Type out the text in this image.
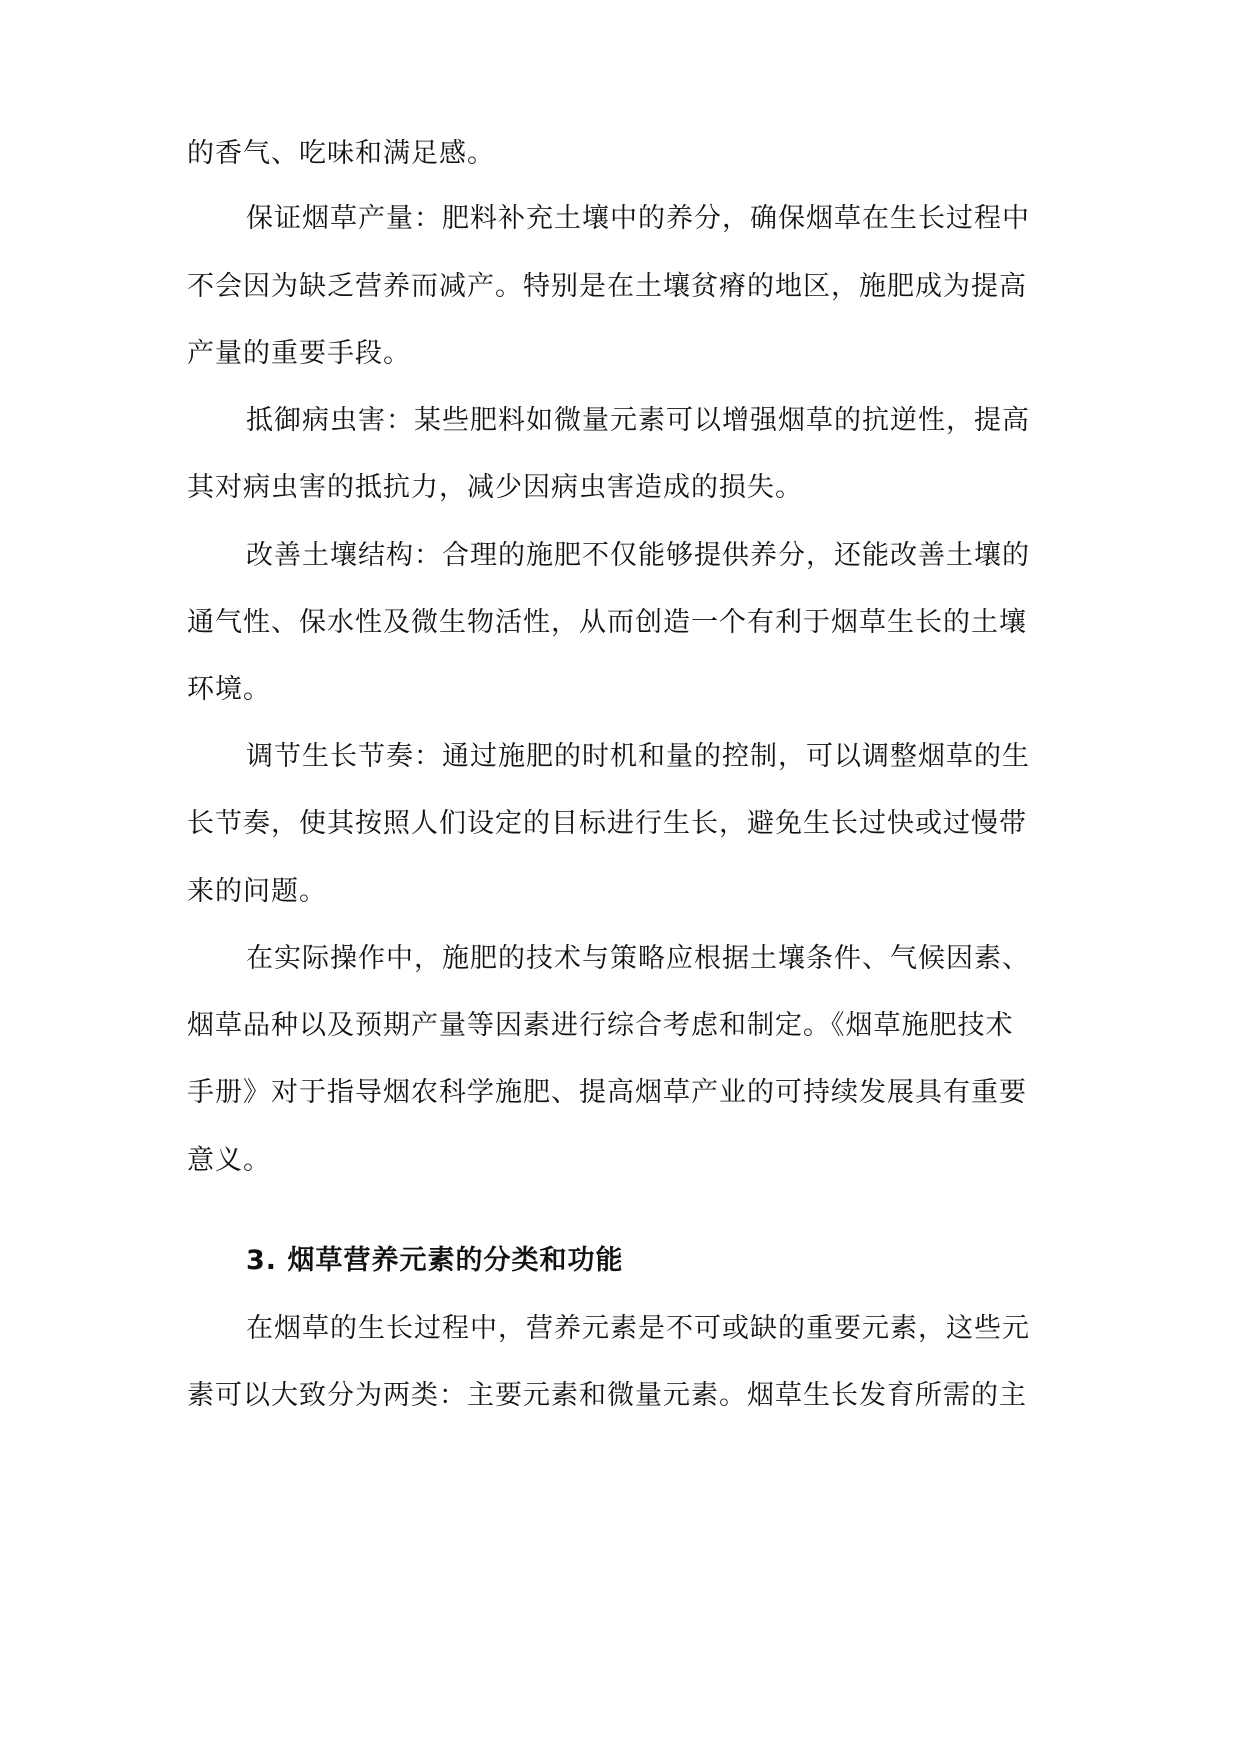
的香气、吃味和满足感。
保证烟草产量：肥料补充土壤中的养分，确保烟草在生长过程中
不会因为缺乏营养而减产。特别是在土壤贫瘠的地区，施肥成为提高
产量的重要手段。
抵御病虫害：某些肥料如微量元素可以增强烟草的抗逆性，提高
其对病虫害的抵抗力，减少因病虫害造成的损失。
改善土壤结构：合理的施肥不仅能够提供养分，还能改善土壤的
通气性、保水性及微生物活性，从而创造一个有利于烟草生长的土壤
环境。
调节生长节奏：通过施肥的时机和量的控制，可以调整烟草的生
长节奏，使其按照人们设定的目标进行生长，避免生长过快或过慢带
来的问题。
在实际操作中，施肥的技术与策略应根据土壤条件、气候因素、
烟草品种以及预期产量等因素进行综合考虑和制定。《烟草施肥技术
手册》对于指导烟农科学施肥、提高烟草产业的可持续发展具有重要
意义。
3. 烟草营养元素的分类和功能
在烟草的生长过程中，营养元素是不可或缺的重要元素，这些元
素可以大致分为两类：主要元素和微量元素。烟草生长发育所需的主
